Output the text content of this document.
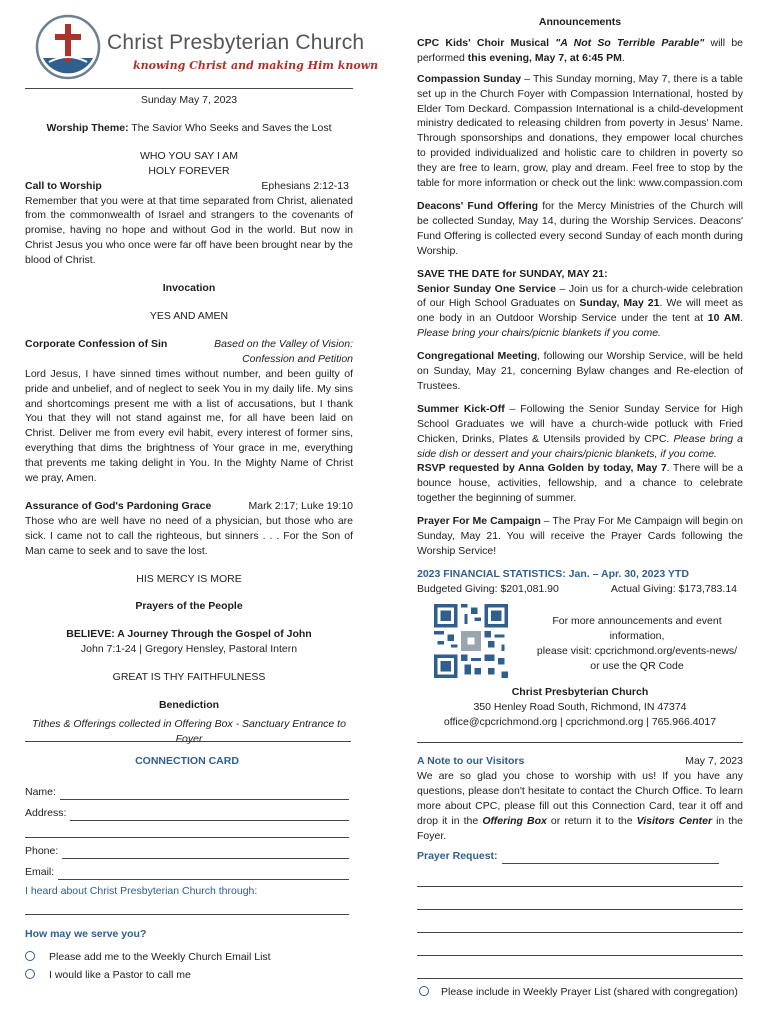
Christ Presbyterian Church
knowing Christ and making Him known

Sunday May 7, 2023

Worship Theme: The Savior Who Seeks and Saves the Lost

WHO YOU SAY I AM

HOLY FOREVER

Call to Worship	Ephesians 2:12-13

Remember that you were at that time separated from Christ, alienated from the commonwealth of Israel and strangers to the covenants of promise, having no hope and without God in the world. But now in Christ Jesus you who once were far off have been brought near by the blood of Christ.

Invocation

YES AND AMEN

Corporate Confession of Sin	Based on the Valley of Vision:

Confession and Petition

Lord Jesus, I have sinned times without number, and been guilty of pride and unbelief, and of neglect to seek You in my daily life. My sins and shortcomings present me with a list of accusations, but I thank You that they will not stand against me, for all have been laid on Christ. Deliver me from every evil habit, every interest of former sins, everything that dims the brightness of Your grace in me, everything that prevents me taking delight in You. In the Mighty Name of Christ we pray, Amen.

Assurance of God's Pardoning Grace	Mark 2:17; Luke 19:10

Those who are well have no need of a physician, but those who are sick. I came not to call the righteous, but sinners . . . For the Son of Man came to seek and to save the lost.

HIS MERCY IS MORE

Prayers of the People

BELIEVE: A Journey Through the Gospel of John

John 7:1-24 | Gregory Hensley, Pastoral Intern

GREAT IS THY FAITHFULNESS

Benediction

Tithes & Offerings collected in Offering Box - Sanctuary Entrance to Foyer

CONNECTION CARD

Name:
Address:
Phone:
Email:

I heard about Christ Presbyterian Church through:

How may we serve you?

Please add me to the Weekly Church Email List

I would like a Pastor to call me

Announcements

CPC Kids' Choir Musical "A Not So Terrible Parable" will be performed this evening, May 7, at 6:45 PM.

Compassion Sunday – This Sunday morning, May 7, there is a table set up in the Church Foyer with Compassion International, hosted by Elder Tom Deckard. Compassion International is a child-development ministry dedicated to releasing children from poverty in Jesus' Name. Through sponsorships and donations, they empower local churches to provided individualized and holistic care to children in poverty so they are free to learn, grow, play and dream. Feel free to stop by the table for more information or check out the link: www.compassion.com

Deacons' Fund Offering for the Mercy Ministries of the Church will be collected Sunday, May 14, during the Worship Services. Deacons' Fund Offering is collected every second Sunday of each month during Worship.

SAVE THE DATE for SUNDAY, MAY 21:

Senior Sunday One Service – Join us for a church-wide celebration of our High School Graduates on Sunday, May 21. We will meet as one body in an Outdoor Worship Service under the tent at 10 AM. Please bring your chairs/picnic blankets if you come.

Congregational Meeting, following our Worship Service, will be held on Sunday, May 21, concerning Bylaw changes and Re-election of Trustees.

Summer Kick-Off – Following the Senior Sunday Service for High School Graduates we will have a church-wide potluck with Fried Chicken, Drinks, Plates & Utensils provided by CPC. Please bring a side dish or dessert and your chairs/picnic blankets, if you come.

RSVP requested by Anna Golden by today, May 7. There will be a bounce house, activities, fellowship, and a chance to celebrate together the beginning of summer.

Prayer For Me Campaign – The Pray For Me Campaign will begin on Sunday, May 21. You will receive the Prayer Cards following the Worship Service!

2023 FINANCIAL STATISTICS: Jan. – Apr. 30, 2023 YTD

Budgeted Giving: $201,081.90	Actual Giving: $173,783.14

For more announcements and event information,

please visit: cpcrichmond.org/events-news/

or use the QR Code

Christ Presbyterian Church

350 Henley Road South, Richmond, IN 47374

office@cpcrichmond.org | cpcrichmond.org | 765.966.4017

A Note to our Visitors	May 7, 2023

We are so glad you chose to worship with us! If you have any questions, please don't hesitate to contact the Church Office. To learn more about CPC, please fill out this Connection Card, tear it off and drop it in the Offering Box or return it to the Visitors Center in the Foyer.

Prayer Request:

Please include in Weekly Prayer List (shared with congregation)
